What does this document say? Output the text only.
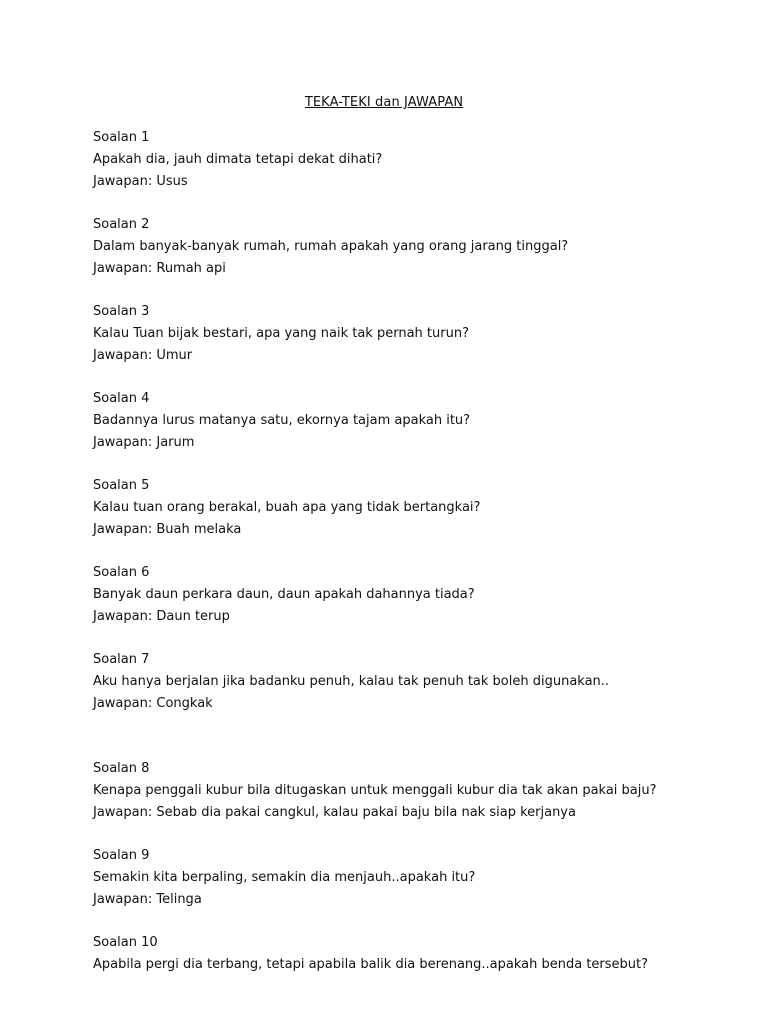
TEKA-TEKI dan JAWAPAN
Soalan 1
Apakah dia, jauh dimata tetapi dekat dihati?
Jawapan: Usus
Soalan 2
Dalam banyak-banyak rumah, rumah apakah yang orang jarang tinggal?
Jawapan: Rumah api
Soalan 3
Kalau Tuan bijak bestari, apa yang naik tak pernah turun?
Jawapan: Umur
Soalan 4
Badannya lurus matanya satu, ekornya tajam apakah itu?
Jawapan: Jarum
Soalan 5
Kalau tuan orang berakal, buah apa yang tidak bertangkai?
Jawapan: Buah melaka
Soalan 6
Banyak daun perkara daun, daun apakah dahannya tiada?
Jawapan: Daun terup
Soalan 7
Aku hanya berjalan jika badanku penuh, kalau tak penuh tak boleh digunakan..
Jawapan: Congkak
Soalan 8
Kenapa penggali kubur bila ditugaskan untuk menggali kubur dia tak akan pakai baju?
Jawapan: Sebab dia pakai cangkul, kalau pakai baju bila nak siap kerjanya
Soalan 9
Semakin kita berpaling, semakin dia menjauh..apakah itu?
Jawapan: Telinga
Soalan 10
Apabila pergi dia terbang, tetapi apabila balik dia berenang..apakah benda tersebut?
